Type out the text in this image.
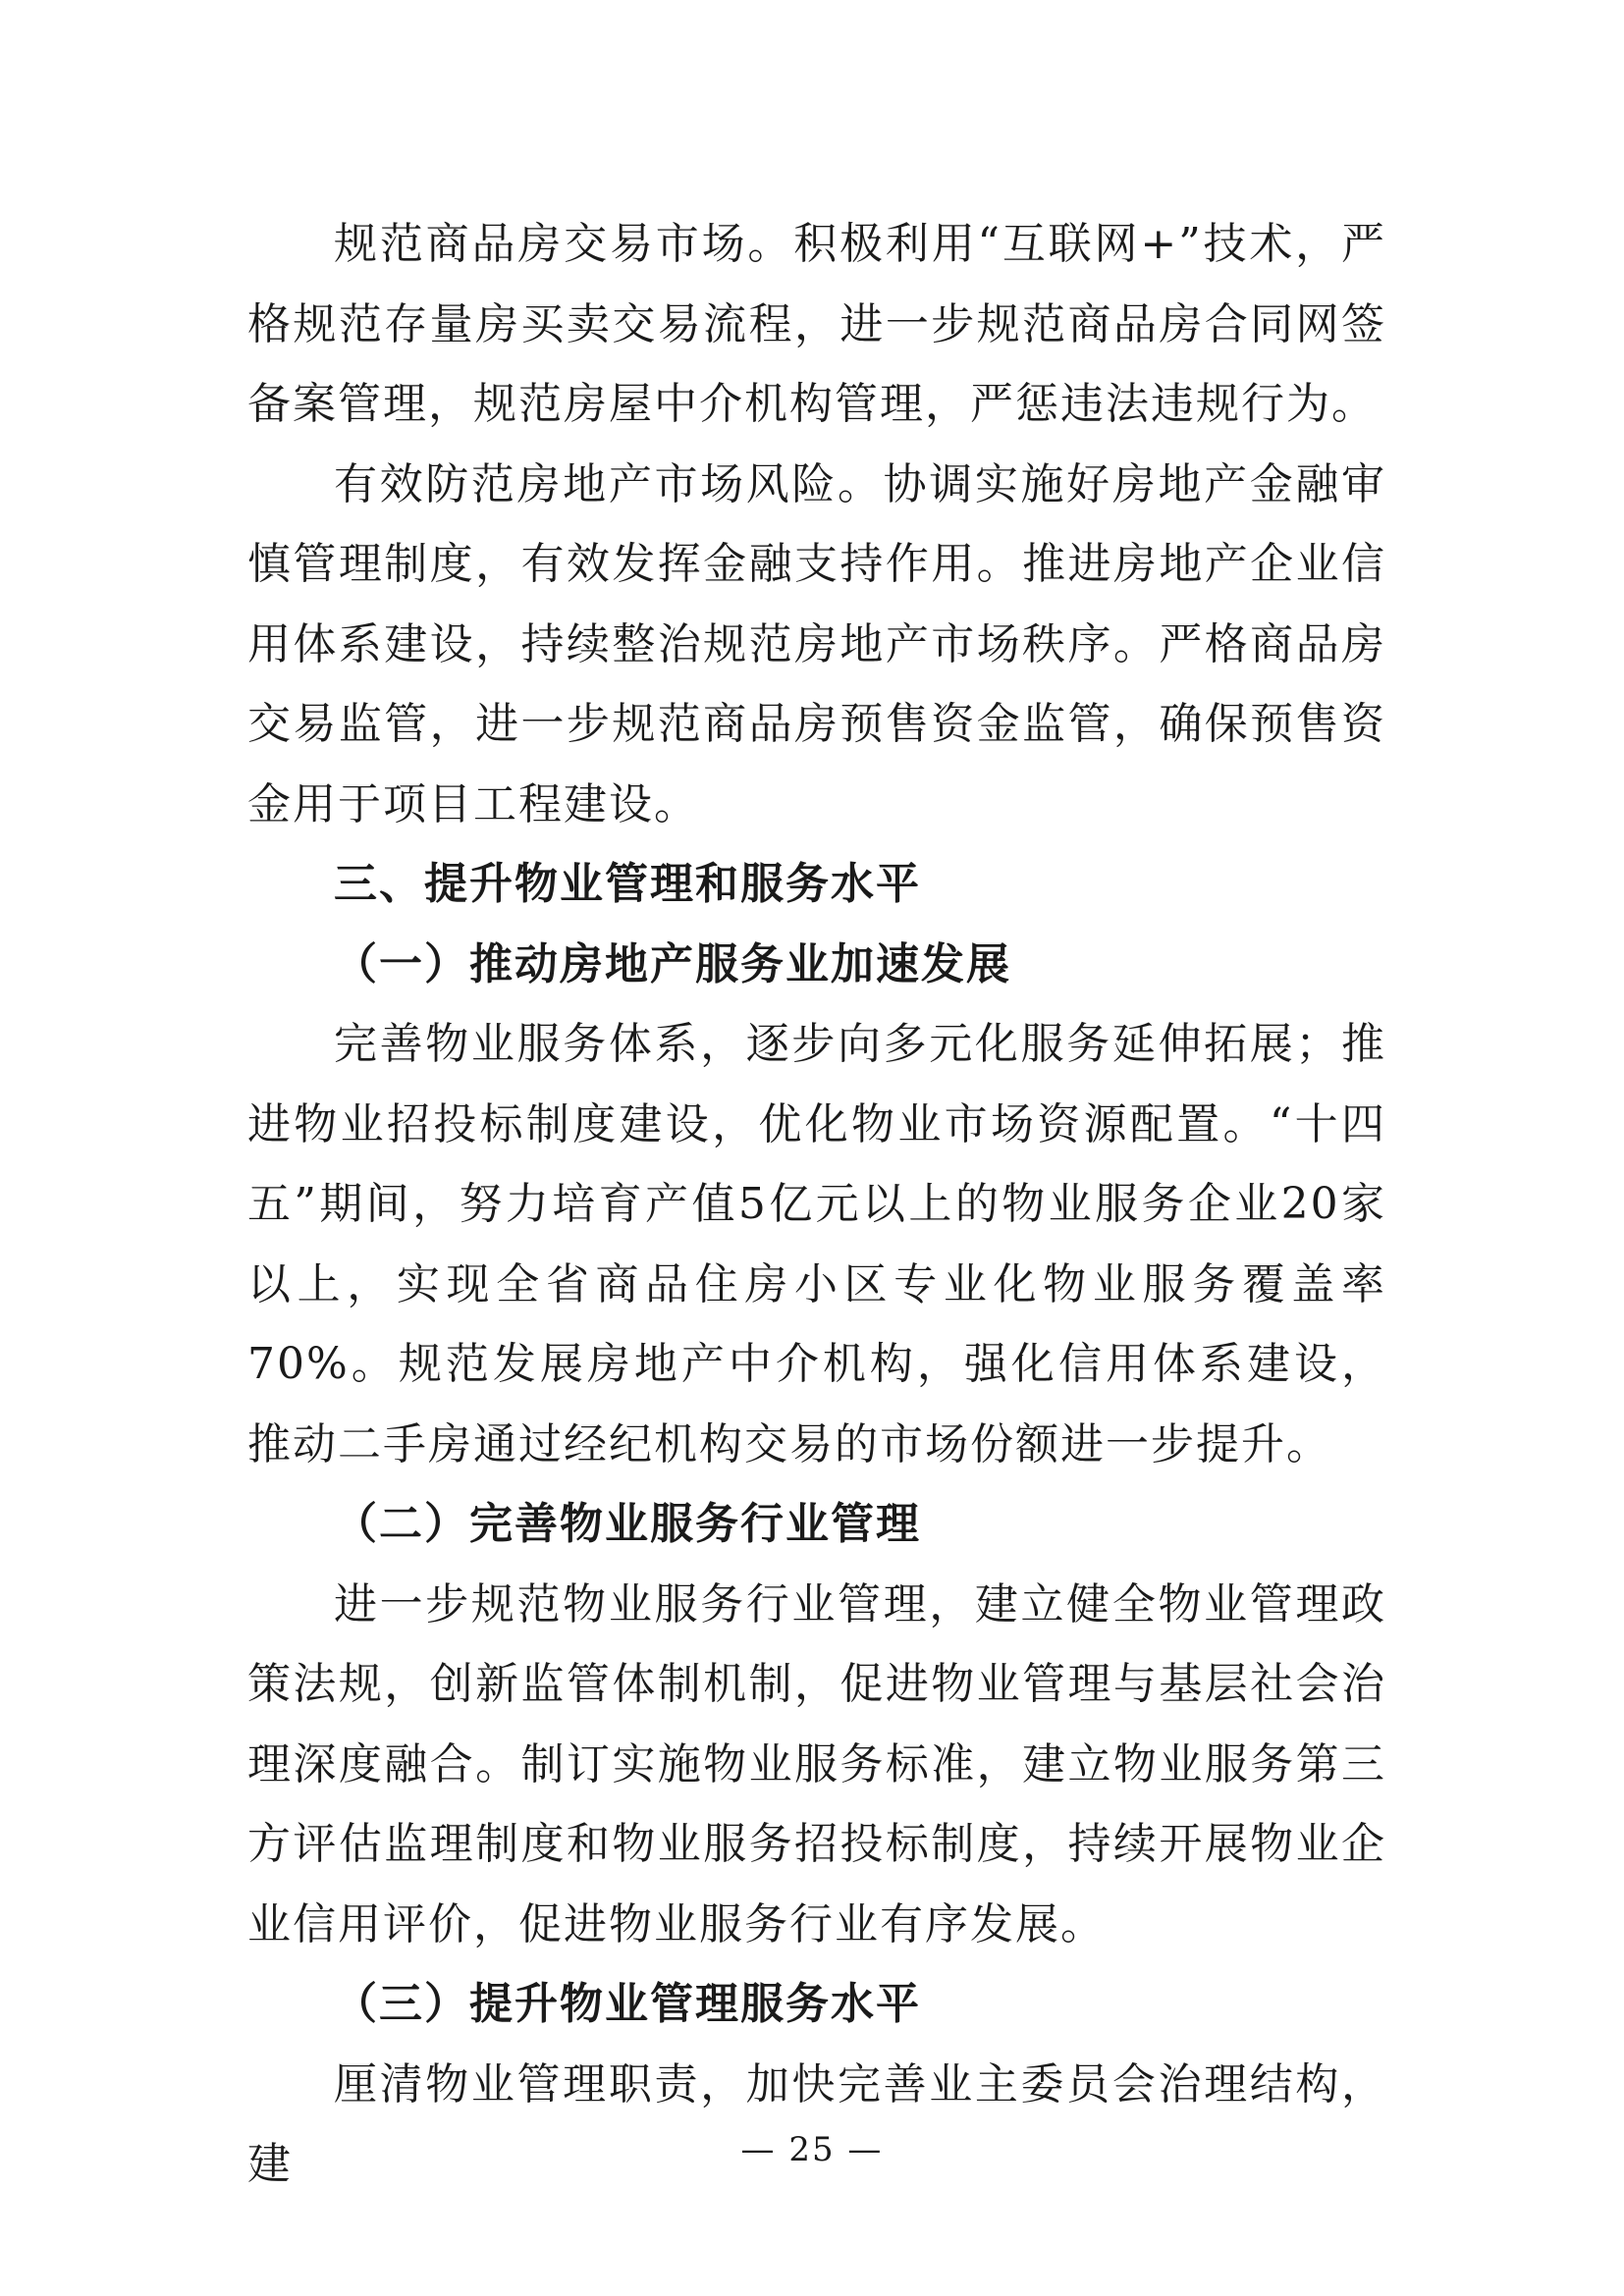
规范商品房交易市场。积极利用“互联网+”技术，严格规范存量房买卖交易流程，进一步规范商品房合同网签备案管理，规范房屋中介机构管理，严惩违法违规行为。

有效防范房地产市场风险。协调实施好房地产金融审慎管理制度，有效发挥金融支持作用。推进房地产企业信用体系建设，持续整治规范房地产市场秩序。严格商品房交易监管，进一步规范商品房预售资金监管，确保预售资金用于项目工程建设。

三、提升物业管理和服务水平
（一）推动房地产服务业加速发展

完善物业服务体系，逐步向多元化服务延伸拓展；推进物业招投标制度建设，优化物业市场资源配置。“十四五”期间，努力培育产值5亿元以上的物业服务企业20家以上，实现全省商品住房小区专业化物业服务覆盖率70%。规范发展房地产中介机构，强化信用体系建设，推动二手房通过经纪机构交易的市场份额进一步提升。

（二）完善物业服务行业管理

进一步规范物业服务行业管理，建立健全物业管理政策法规，创新监管体制机制，促进物业管理与基层社会治理深度融合。制订实施物业服务标准，建立物业服务第三方评估监理制度和物业服务招投标制度，持续开展物业企业信用评价，促进物业服务行业有序发展。

（三）提升物业管理服务水平

厘清物业管理职责，加快完善业主委员会治理结构，建	— 25 —
